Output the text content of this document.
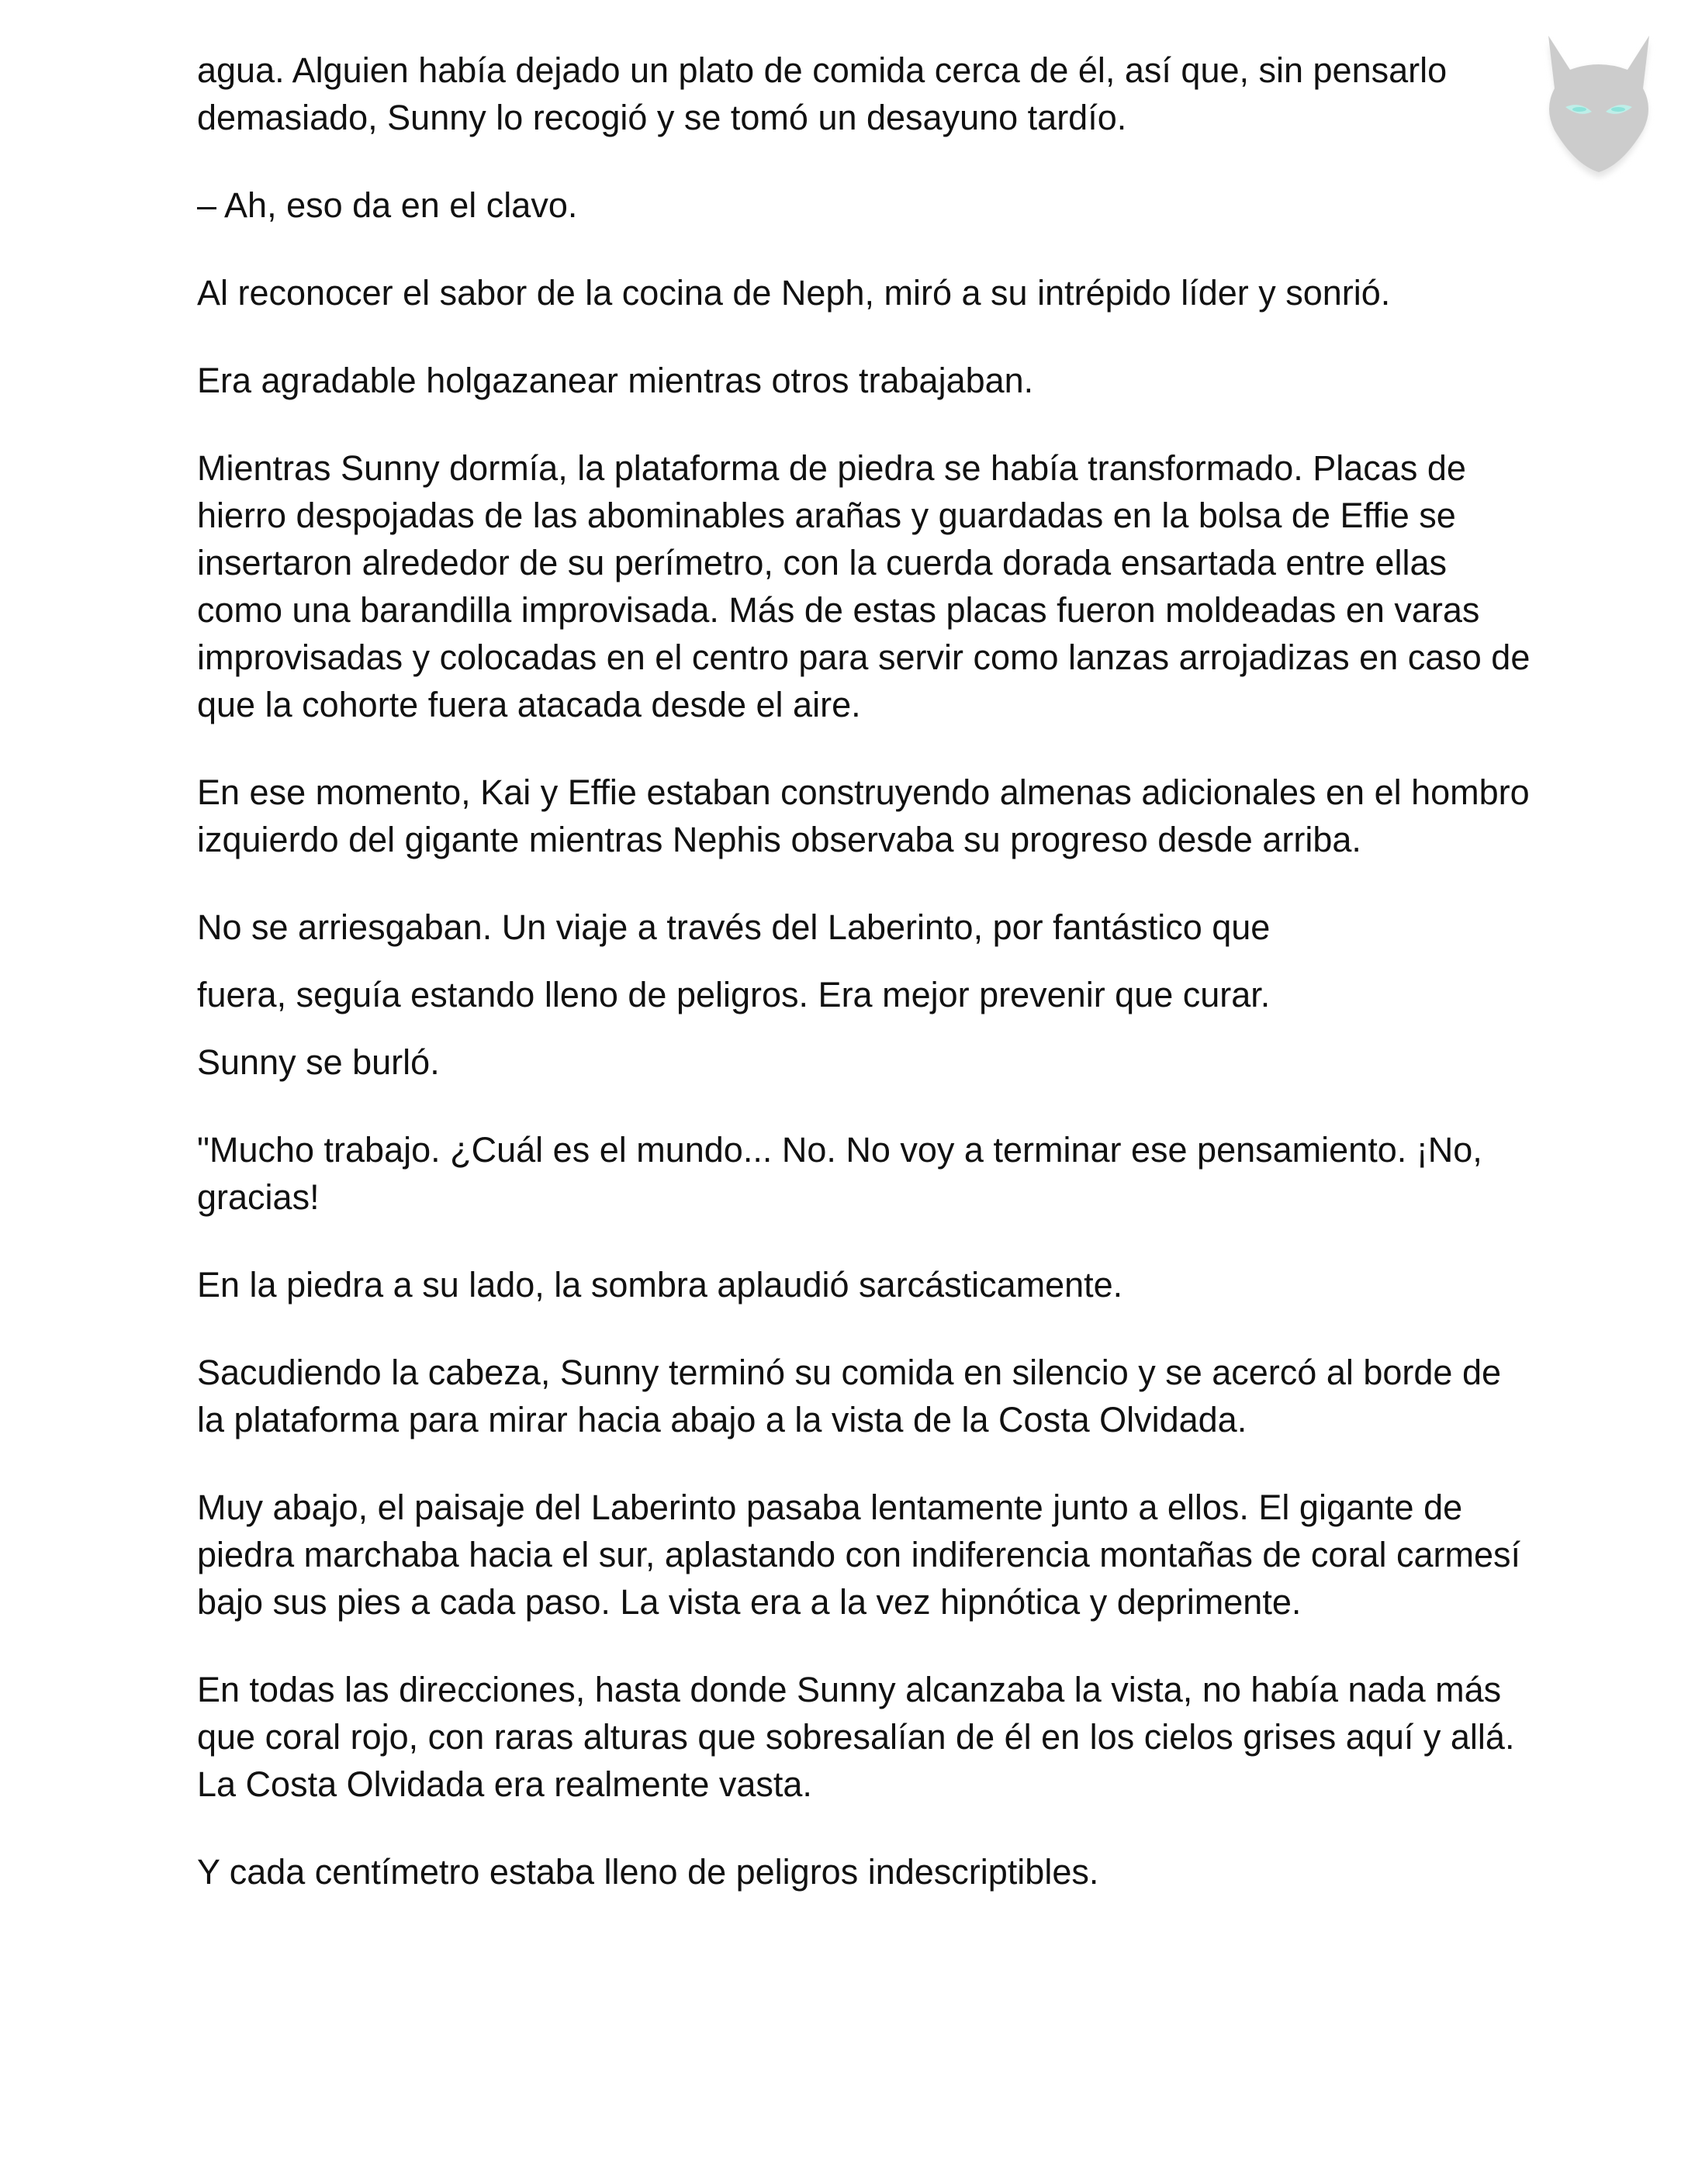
agua. Alguien había dejado un plato de comida cerca de él, así que, sin pensarlo demasiado, Sunny lo recogió y se tomó un desayuno tardío.

– Ah, eso da en el clavo.

Al reconocer el sabor de la cocina de Neph, miró a su intrépido líder y sonrió.

Era agradable holgazanear mientras otros trabajaban.

Mientras Sunny dormía, la plataforma de piedra se había transformado. Placas de hierro despojadas de las abominables arañas y guardadas en la bolsa de Effie se insertaron alrededor de su perímetro, con la cuerda dorada ensartada entre ellas como una barandilla improvisada. Más de estas placas fueron moldeadas en varas improvisadas y colocadas en el centro para servir como lanzas arrojadizas en caso de que la cohorte fuera atacada desde el aire.

En ese momento, Kai y Effie estaban construyendo almenas adicionales en el hombro izquierdo del gigante mientras Nephis observaba su progreso desde arriba.

No se arriesgaban. Un viaje a través del Laberinto, por fantástico que

fuera, seguía estando lleno de peligros. Era mejor prevenir que curar.

Sunny se burló.

"Mucho trabajo. ¿Cuál es el mundo... No. No voy a terminar ese pensamiento. ¡No, gracias!

En la piedra a su lado, la sombra aplaudió sarcásticamente.

Sacudiendo la cabeza, Sunny terminó su comida en silencio y se acercó al borde de la plataforma para mirar hacia abajo a la vista de la Costa Olvidada.

Muy abajo, el paisaje del Laberinto pasaba lentamente junto a ellos. El gigante de piedra marchaba hacia el sur, aplastando con indiferencia montañas de coral carmesí bajo sus pies a cada paso. La vista era a la vez hipnótica y deprimente.

En todas las direcciones, hasta donde Sunny alcanzaba la vista, no había nada más que coral rojo, con raras alturas que sobresalían de él en los cielos grises aquí y allá. La Costa Olvidada era realmente vasta.

Y cada centímetro estaba lleno de peligros indescriptibles.
